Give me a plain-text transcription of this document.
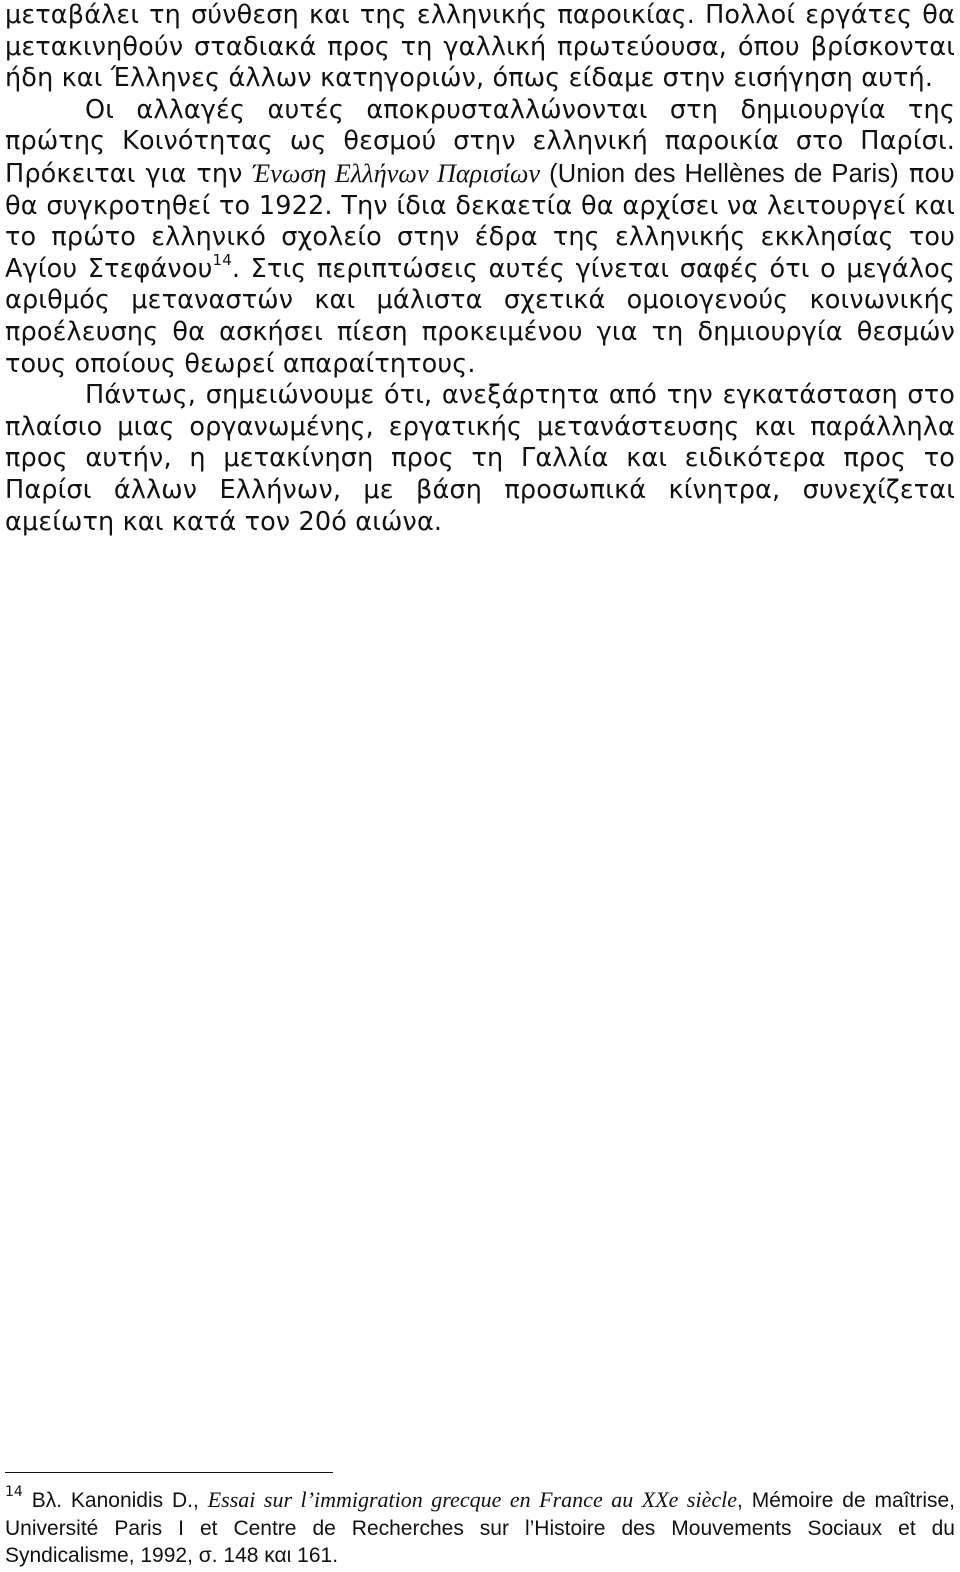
μεταβάλει τη σύνθεση και της ελληνικής παροικίας. Πολλοί εργάτες θα μετακινηθούν σταδιακά προς τη γαλλική πρωτεύουσα, όπου βρίσκονται ήδη και Έλληνες άλλων κατηγοριών, όπως είδαμε στην εισήγηση αυτή.

Οι αλλαγές αυτές αποκρυσταλλώνονται στη δημιουργία της πρώτης Κοινότητας ως θεσμού στην ελληνική παροικία στο Παρίσι. Πρόκειται για την Ένωση Ελλήνων Παρισίων (Union des Hellènes de Paris) που θα συγκροτηθεί το 1922. Την ίδια δεκαετία θα αρχίσει να λειτουργεί και το πρώτο ελληνικό σχολείο στην έδρα της ελληνικής εκκλησίας του Αγίου Στεφάνου$^{14}$. Στις περιπτώσεις αυτές γίνεται σαφές ότι ο μεγάλος αριθμός μεταναστών και μάλιστα σχετικά ομοιογενούς κοινωνικής προέλευσης θα ασκήσει πίεση προκειμένου για τη δημιουργία θεσμών τους οποίους θεωρεί απαραίτητους.

Πάντως, σημειώνουμε ότι, ανεξάρτητα από την εγκατάσταση στο πλαίσιο μιας οργανωμένης, εργατικής μετανάστευσης και παράλληλα προς αυτήν, η μετακίνηση προς τη Γαλλία και ειδικότερα προς το Παρίσι άλλων Ελλήνων, με βάση προσωπικά κίνητρα, συνεχίζεται αμείωτη και κατά τον 20ό αιώνα.

$^{14}$ Βλ. Kanonidis D., Essai sur l’immigration grecque en France au XXe siècle, Mémoire de maîtrise, Université Paris I et Centre de Recherches sur l’Histoire des Mouvements Sociaux et du Syndicalisme, 1992, σ. 148 και 161.
